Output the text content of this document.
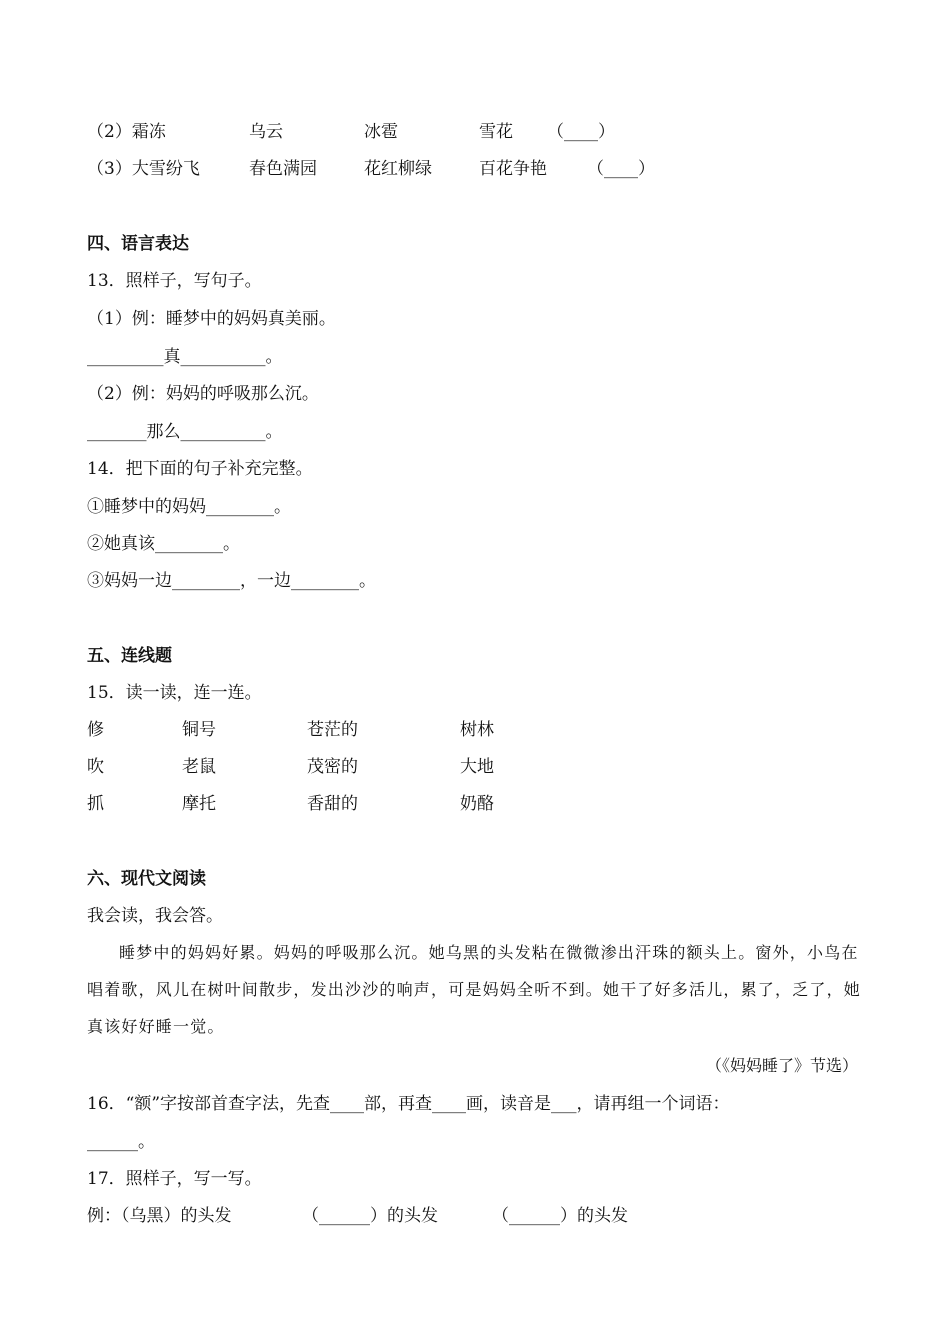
（2）霜冻	乌云	冰雹	雪花 （____）
（3）大雪纷飞	春色满园	花红柳绿	百花争艳 （____）
四、语言表达
13．照样子，写句子。
（1）例：睡梦中的妈妈真美丽。
_________真__________。
（2）例：妈妈的呼吸那么沉。
_______那么__________。
14．把下面的句子补充完整。
①睡梦中的妈妈________。
②她真该________。
③妈妈一边________，一边________。
五、连线题
15．读一读，连一连。
修	铜号	苍茫的	树林
吹	老鼠	茂密的	大地
抓	摩托	香甜的	奶酪
六、现代文阅读
我会读，我会答。
睡梦中的妈妈好累。妈妈的呼吸那么沉。她乌黑的头发粘在微微渗出汗珠的额头上。窗外，小鸟在唱着歌，风儿在树叶间散步，发出沙沙的响声，可是妈妈全听不到。她干了好多活儿，累了，乏了，她真该好好睡一觉。
（《妈妈睡了》节选）
16．“额”字按部首查字法，先查____部，再查____画，读音是___，请再组一个词语：
______。
17．照样子，写一写。
例：（乌黑）的头发	（______）的头发	（______）的头发
